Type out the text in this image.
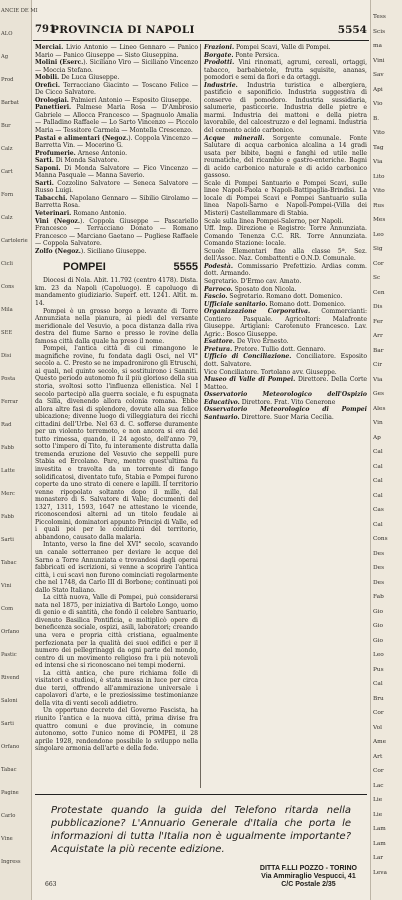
ANCIE DE MI
ALO
Ag
Prod
Barbat
Bur
Calz
Cart
Forn
Calz
Cartolerie
Cicli
Cons
Mila
SEE
Disi
Posta
Ferrar
Rad
Fabb
Latte
Merc
Fabb
Sarti
Tabac
Vini
Com
Orfano
Pastic
Rivend
Saloni
Sarti
Orfano
Tabac
Pagine
Carlo
Vine
Ingress
Tess
Scis
ma
Vini
Sav
Api
Vio
B.
Vito
Tag
Via
Lito
Vito
Rus
Mes
Leo
Sig
Cor
Sc
Cen
Dis
Fer
Arr
Bar
Cir
Via
Ges
Ales
Vin
Ap
Cal
Cal
Cal
Cal
Cas
Cal
Cons
Des
Des
Des
Fab
Gio
Gio
Gio
Leo
Pus
Cal
Bru
Cor
Vol
Ame
Art
Cor
Lac
Lie
Lie
Lam
Lam
Lar
Leva
791
PROVINCIA DI NAPOLI	5554

Merciai. Livio Antonio — Lineo Gennaro — Panico Mario — Panico Giuseppe — Sisto Giuseppina.

Molini (Eserc.). Siciliano Viro — Siciliano Vincenzo — Moccia Stefano.

Mobili. De Luca Giuseppe.

Orefici. Terracciano Giacinto — Toscano Felice — De Cicco Salvatore.

Orologiai. Palmieri Antonio — Esposito Giuseppe.

Panettieri. Palmese Maria Rosa — D'Ambrosio Gabriele — Allocca Francesco — Spagnuolo Amalia — Palladino Raffaele — Lo Sarto Vincenzo — Piccolo Maria — Tessitore Carmela — Montella Crescenzo.

Pastai e alimentari (Negoz.). Coppola Vincenzo — Barretta Vin. — Mocerino G.

Profumerie. Arnese Antonio.

Sarti. Di Monda Salvatore.

Saponi. Di Monda Salvatore — Fico Vincenzo — Manna Pasquale — Manna Saverio.

Sarti. Cozzolino Salvatore — Seneca Salvatore — Russo Luigi.

Tabacchi. Napolano Gennaro — Sibilio Girolamo — Barretta Rosa.

Veterinari. Romano Antonio.

Vini (Negoz.). Coppola Giuseppe — Pascariello Francesco — Terracciano Donato — Romano Francesco — Marciano Gaetano — Pugliese Raffaele — Coppola Salvatore.

Zolfo (Negoz.). Siciliano Giuseppe.

POMPEI	5555

Diocesi di Nola. Abit. 11.792 (centro 4178). Dista. km. 23 da Napoli (Capoluogo). È capoluogo di mandamento giudiziario. Superf. ett. 1241. Altit. m. 14.

Pompei è un grosso borgo a levante di Torre Annunziata nella pianura, ai piedi del versante meridionale del Vesuvio, a poca distanza dalla riva destra del fiume Sarno e presso le rovine della famosa città dalla quale ha preso il nome.

Pompei, l'antica città di cui rimangono le magnifiche rovine, fu fondata dagli Osci, nel VI° secolo a. C. Presto se ne impadronirono gli Etruschi, ai quali, nel quinto secolo, si sostituirono i Sanniti. Questo periodo autonomo fu il più glorioso della sua storia, svoltosi sotto l'influenza ellenistica. Nel I secolo partecipò alla guerra sociale, e fu espugnata da Silla, divenendo allora colonia romana. Ebbe allora altre fasi di splendore, dovute alla sua felice ubicazione; divenne luogo di villeggiatura dei ricchi cittadini dell'Urbe. Nel 63 d. C. sofferse duramente per un violento terremoto, e non ancora si era del tutto rimessa, quando, il 24 agosto, dell'anno 79, sotto l'impero di Tito, fu interamente distrutta dalla tremenda eruzione del Vesuvio che seppellì pure Stabia ed Ercolano. Pare, mentre quest'ultima fu investita e travolta da un torrente di fango solidificatosi, diventato tufo, Stabia e Pompei furono coperte da uno strato di cenere e lapilli. Il territorio venne ripopolato soltanto dopo il mille, dal monastero di S. Salvatore di Valle; documenti del 1327, 1311, 1593, 1647 ne attestano le vicende, riconoscendosi alterni ad un titolo feudale ai Piccolomini, dominatori appunto Principi di Valle, ed i quali poi per le condizioni del territorio, abbandono, causato dalla malaria.

Intanto, verso la fine del XVI° secolo, scavando un canale sotterraneo per deviare le acque del Sarno a Torre Annunziata e trovandosi dagli operai fabbricati ed iscrizioni, si venne a scoprire l'antica città, i cui scavi non furono cominciati regolarmente che nel 1748, da Carlo III di Borbone; continuati poi dallo Stato Italiano.

La città nuova, Valle di Pompei, può considerarsi nata nel 1875, per iniziativa di Bartolo Longo, uomo di genio e di santità, che fondò il celebre Santuario, divenuto Basilica Pontificia, e moltiplicò opere di beneficenza sociale, ospizi, asili, laboratori; creando una vera e propria città cristiana, egualmente perfezionata per la qualità dei suoi edifici e per il numero dei pellegrinaggi da ogni parte del mondo, centro di un movimento religioso fra i più notevoli ed intensi che si riconoscano nei tempi moderni.

La città antica, che pure richiama folle di visitatori e studiosi, è stata messa in luce per circa due terzi, offrendo all'ammirazione universale i capolavori d'arte, e le preziosissime testimonianze della vita di venti secoli addietro.

Un opportuno decreto del Governo Fascista, ha riunito l'antica e la nuova città, prima divise fra quattro comuni e due provincie, in comune autonomo, sotto l'unico nome di POMPEI, il 28 aprile 1928, rendendone possibile lo sviluppo nella singolare armonia dell'arte e della fede.

Frazioni. Pompei Scavi, Valle di Pompei.

Borgate. Ponte Persica.

Prodotti. Vini rinomati, agrumi, cereali, ortaggi, tabacco, barbabietole, frutta squisite, ananas, pomodori e semi da fiori e da ortaggi.

Industrie. Industria turistica e albergiera, pastificio e saponificio. Industria suggestiva di conserve di pomodoro. Industria sussidiaria, salumerie, pasticcerie. Industria delle pietre e marmi. Industria dei mattoni e della pietra lavorabile, del calcestruzzo e del legnami. Industria del cemento acido carbonico.

Acque minerali. Sorgente comunale. Fonte Salutare di acqua carbonica alcalina a 14 gradi usata per bibite, bagni e fanghi ed utile nelle reumatiche, del ricambio e gastro-enteriche. Bagni di acido carbonico naturale e di acido carbonico gassoso.

Scale di Pompei Santuario e Pompei Scavi, sulle linee Napoli-Paola e Napoli-Battipaglia-Brindisi. La locale di Pompei Scavi e Pompei Santuario sulla linea Napoli-Sarno e Napoli-Pompei-(Villa dei Misteri) Castellammare di Stabia.

Scale sulla linea Pompei-Salerno, per Napoli.

Uff. Imp. Direzione e Registro: Torre Annunziata. Comando Tenenza C.C. RR. Torre Annunziata. Comando Stazione: locale.

Scuole Elementari fino alla classe 5ª. Sez. dell'Assoc. Naz. Combattenti e O.N.D. Comunale.

Podestà. Commissario Prefettizio. Ardias comm. dott. Armando.

Segretario. D'Ermo cav. Amato.

Parroco. Sposato don Nicola.

Fascio. Segretario. Romano dott. Domenico.

Ufficiale sanitario. Romano dott. Domenico.

Organizzazione Corporativa. Commercianti: Contiero Pasquale. Agricoltori: Malafronte Giuseppe. Artigiani: Carotenuto Francesco. Lav. Agric.: Bosco Giuseppe.

Esattore. De Vivo Ernesto.

Pretura. Pretore. Tullio dott. Gennaro.

Ufficio di Conciliazione. Conciliatore. Esposito dott. Salvatore.

Vice Conciliatore. Tortolano avv. Giuseppe.

Museo di Valle di Pompei. Direttore. Della Corte Matteo.

Osservatorio Meteorologico dell'Ospizio Educativo. Direttore. Frat. Vito Cenerone

Osservatorio Meteorologico di Pompei Santuario. Direttore. Suor Maria Cecilia.

Protestate quando la guida del Telefono ritarda nella pubblicazione? L'Annuario Generale d'Italia che porta le informazioni di tutta l'Italia non è ugualmente importante? Acquistate la più recente edizione.
DITTA F.LLI POZZO - TORINO
Via Ammiraglio Vespucci, 41
C/C Postale 2/35
663
